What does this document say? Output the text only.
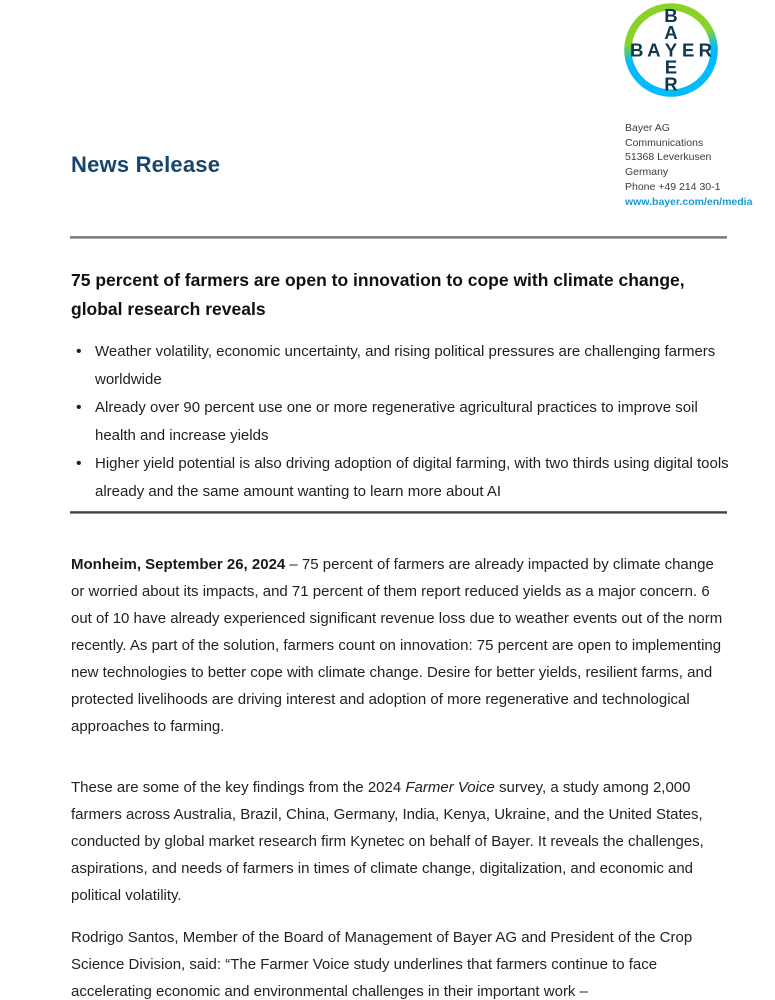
B
A
E
R
B A Y E R
News Release
Bayer AG
Communications
51368 Leverkusen
Germany
Phone +49 214 30-1
www.bayer.com/en/media
75 percent of farmers are open to innovation to cope with climate change, global research reveals
• Weather volatility, economic uncertainty, and rising political pressures are challenging farmers worldwide
• Already over 90 percent use one or more regenerative agricultural practices to improve soil health and increase yields
• Higher yield potential is also driving adoption of digital farming, with two thirds using digital tools already and the same amount wanting to learn more about AI

Monheim, September 26, 2024 – 75 percent of farmers are already impacted by climate change or worried about its impacts, and 71 percent of them report reduced yields as a major concern. 6 out of 10 have already experienced significant revenue loss due to weather events out of the norm recently. As part of the solution, farmers count on innovation: 75 percent are open to implementing new technologies to better cope with climate change. Desire for better yields, resilient farms, and protected livelihoods are driving interest and adoption of more regenerative and technological approaches to farming.

These are some of the key findings from the 2024 Farmer Voice survey, a study among 2,000 farmers across Australia, Brazil, China, Germany, India, Kenya, Ukraine, and the United States, conducted by global market research firm Kynetec on behalf of Bayer. It reveals the challenges, aspirations, and needs of farmers in times of climate change, digitalization, and economic and political volatility.

Rodrigo Santos, Member of the Board of Management of Bayer AG and President of the Crop Science Division, said: “The Farmer Voice study underlines that farmers continue to face accelerating economic and environmental challenges in their important work –
